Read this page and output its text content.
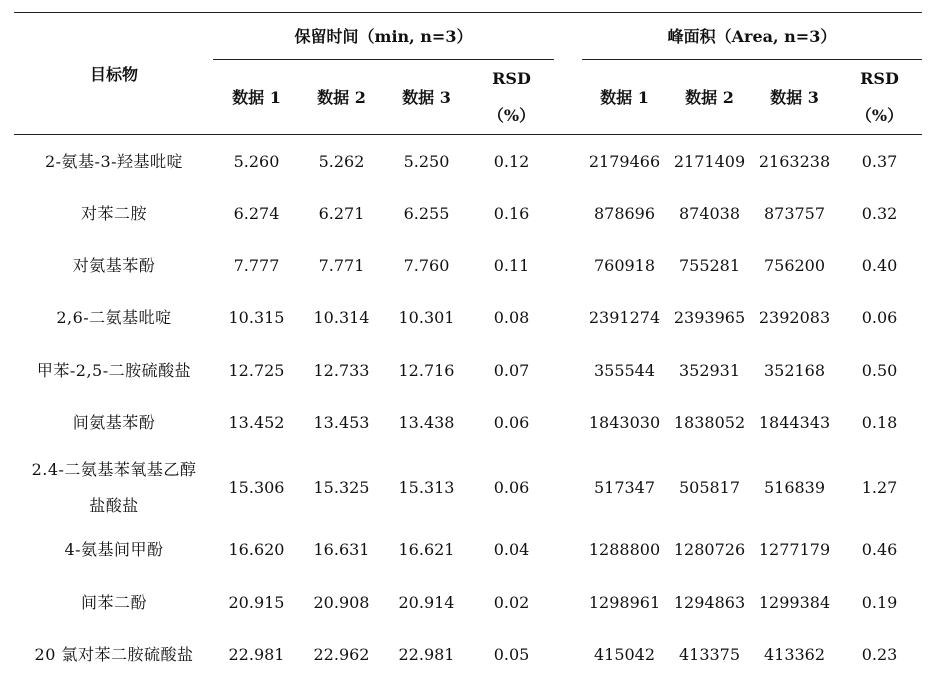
目标物
保留时间（min, n=3）	峰面积（Area, n=3）
数据 1	数据 2	数据 3
RSD
（%）
数据 1	数据 2	数据 3
RSD
（%）
2-氨基-3-羟基吡啶	5.260	5.262	5.250	0.12	2179466 2171409 2163238	0.37
对苯二胺	6.274	6.271	6.255	0.16	878696	874038	873757	0.32
对氨基苯酚	7.777	7.771	7.760	0.11	760918	755281	756200	0.40
2,6-二氨基吡啶	10.315	10.314	10.301	0.08	2391274 2393965 2392083	0.06
甲苯-2,5-二胺硫酸盐	12.725	12.733	12.716	0.07	355544	352931	352168	0.50
间氨基苯酚	13.452	13.453	13.438	0.06	1843030 1838052 1844343	0.18
2.4-二氨基苯氧基乙醇
盐酸盐
15.306	15.325	15.313	0.06	517347	505817	516839	1.27
4-氨基间甲酚	16.620	16.631	16.621	0.04	1288800 1280726 1277179	0.46
间苯二酚	20.915	20.908	20.914	0.02	1298961 1294863 1299384	0.19
20 氯对苯二胺硫酸盐	22.981	22.962	22.981	0.05	415042	413375	413362	0.23
